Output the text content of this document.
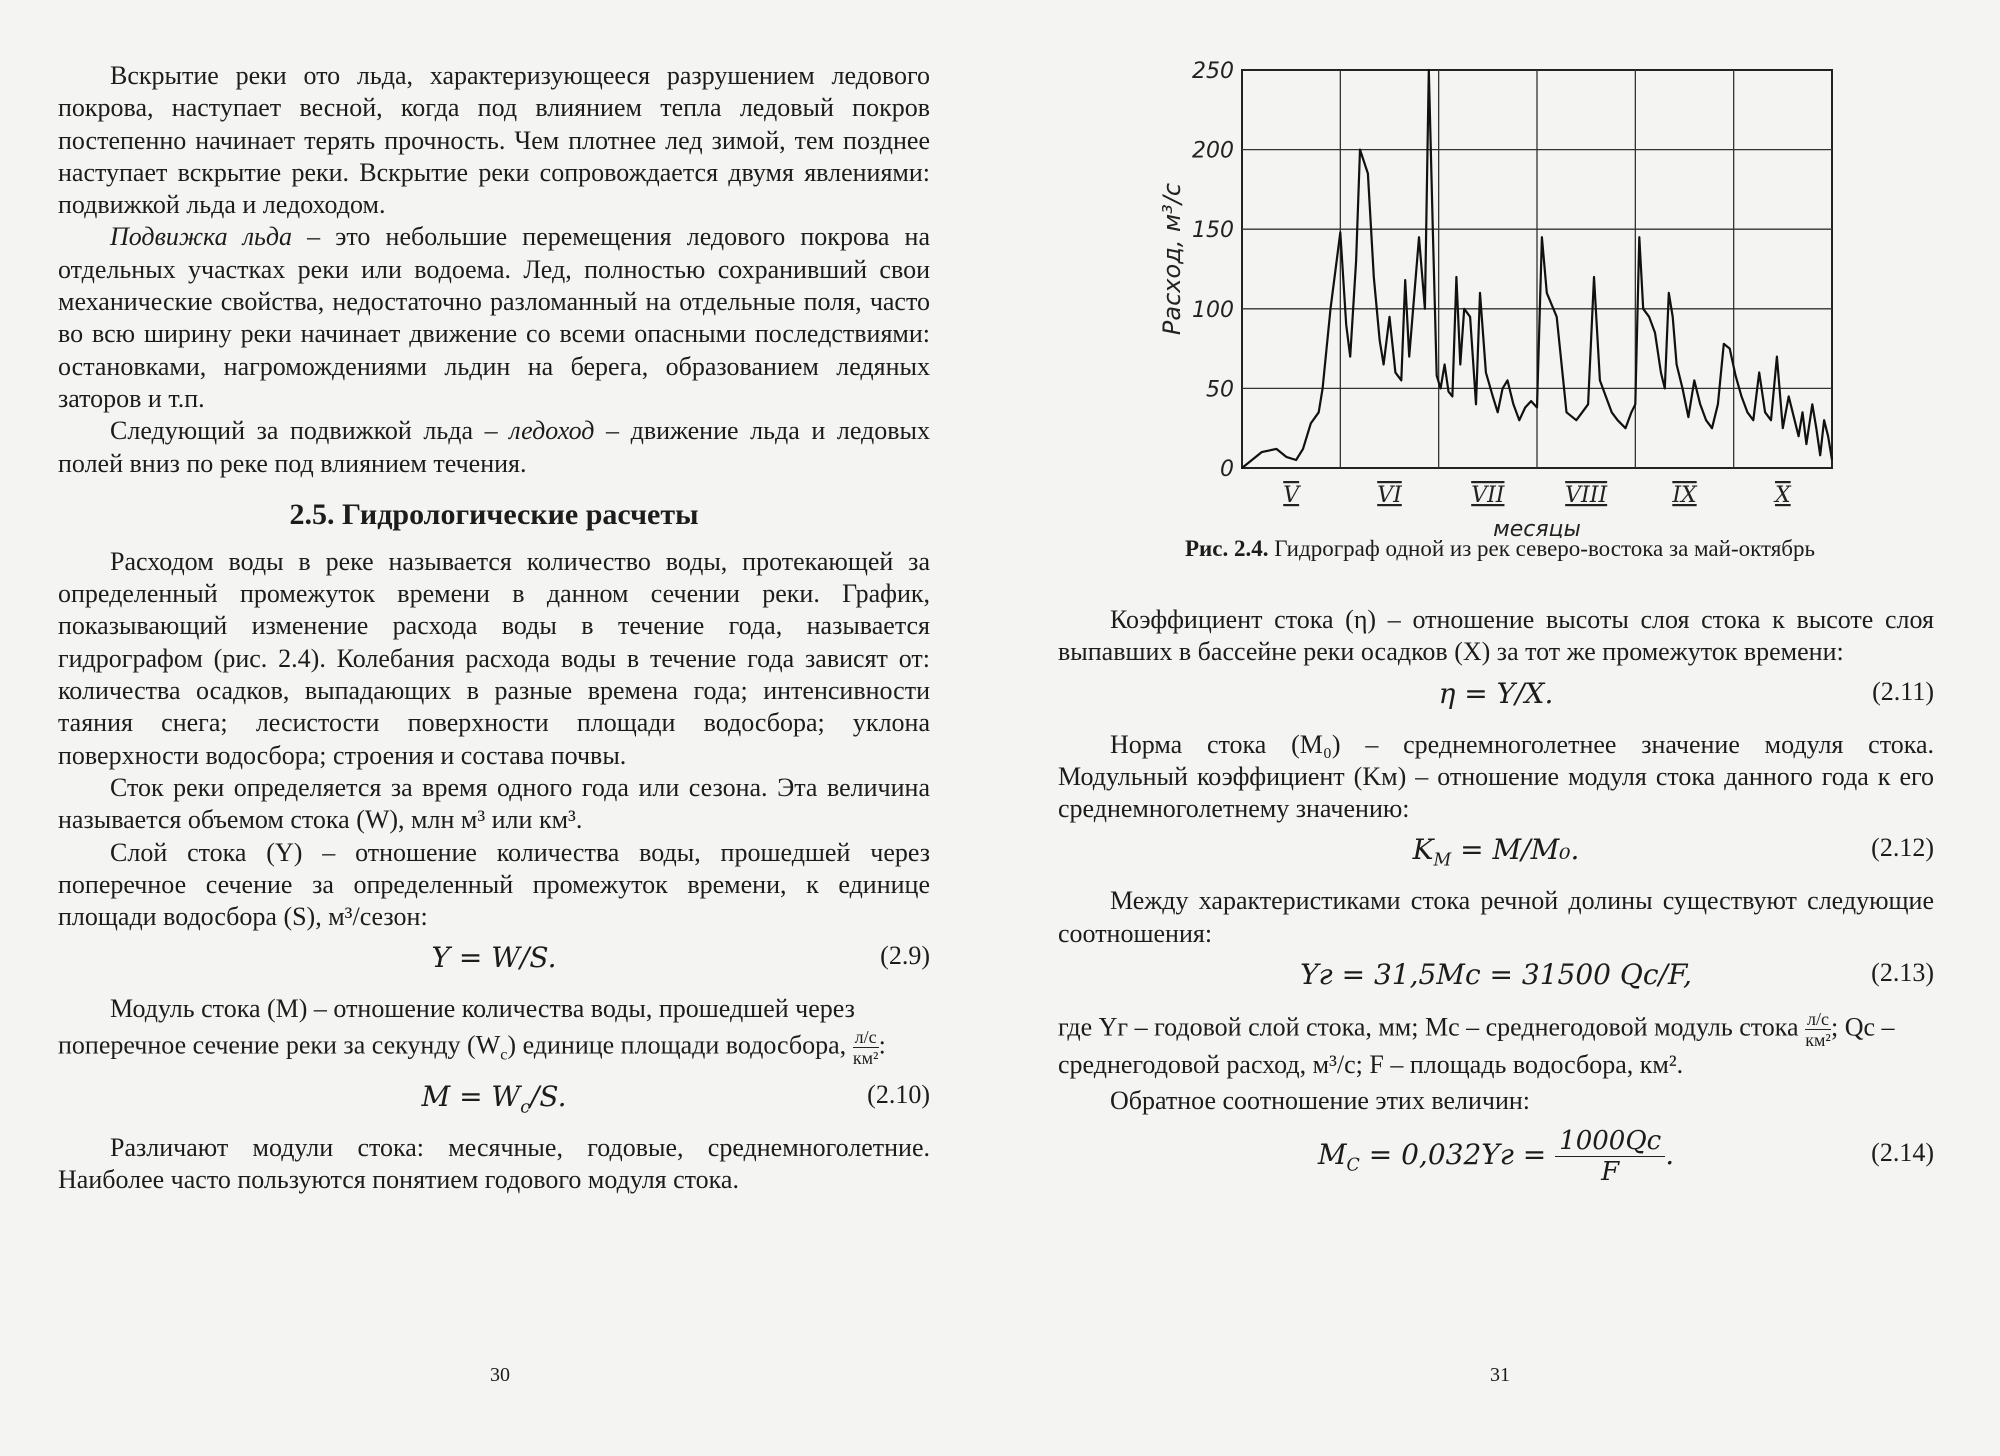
Вскрытие реки ото льда, характеризующееся разрушением ледового покрова, наступает весной, когда под влиянием тепла ледовый покров постепенно начинает терять прочность. Чем плотнее лед зимой, тем позднее наступает вскрытие реки. Вскрытие реки сопровождается двумя явлениями: подвижкой льда и ледоходом.

Подвижка льда – это небольшие перемещения ледового покрова на отдельных участках реки или водоема. Лед, полностью сохранивший свои механические свойства, недостаточно разломанный на отдельные поля, часто во всю ширину реки начинает движение со всеми опасными последствиями: остановками, нагромождениями льдин на берега, образованием ледяных заторов и т.п.

Следующий за подвижкой льда – ледоход – движение льда и ледовых полей вниз по реке под влиянием течения.

2.5. Гидрологические расчеты

Расходом воды в реке называется количество воды, протекающей за определенный промежуток времени в данном сечении реки. График, показывающий изменение расхода воды в течение года, называется гидрографом (рис. 2.4). Колебания расхода воды в течение года зависят от: количества осадков, выпадающих в разные времена года; интенсивности таяния снега; лесистости поверхности площади водосбора; уклона поверхности водосбора; строения и состава почвы.

Сток реки определяется за время одного года или сезона. Эта величина называется объемом стока (W), млн м³ или км³.

Слой стока (Y) – отношение количества воды, прошедшей через поперечное сечение за определенный промежуток времени, к единице площади водосбора (S), м³/сезон:

Y = W/S.	(2.9)

Модуль стока (M) – отношение количества воды, прошедшей через

поперечное сечение реки за секунду $(W_c)$ единице площади водосбора, $\frac{л/с}{\text{км²}}$ :

$M = W_c/S$.	(2.10)

Различают модули стока: месячные, годовые, среднемноголетние. Наиболее часто пользуются понятием годового модуля стока.

30	31
0
50
100
150
200
250
V	VI	VII	VIII	IX	X
месяцы
Расход, м³/с
Рис. 2.4. Гидрограф одной из рек северо-востока за май-октябрь

Коэффициент стока (η) – отношение высоты слоя стока к высоте слоя выпавших в бассейне реки осадков (X) за тот же промежуток времени:

η = Y/X.	(2.11)

Норма стока (M₀) – среднемноголетнее значение модуля стока. Модульный коэффициент (Kм) – отношение модуля стока данного года к его среднемноголетнему значению:

$K_M = M/M_0$.	(2.12)

Между характеристиками стока речной долины существуют следующие соотношения:

Yг = 31,5Mс = 31500 Qс/F,	(2.13)

где Yг – годовой слой стока, мм; Mс – среднегодовой модуль стока $\frac{л/с}{\text{км²}}$ ; Qс –

среднегодовой расход, м³/с; F – площадь водосбора, км².

Обратное соотношение этих величин:

$M_C = 0,032Yг = \frac{1000Qс}{F}$ .	(2.14)
